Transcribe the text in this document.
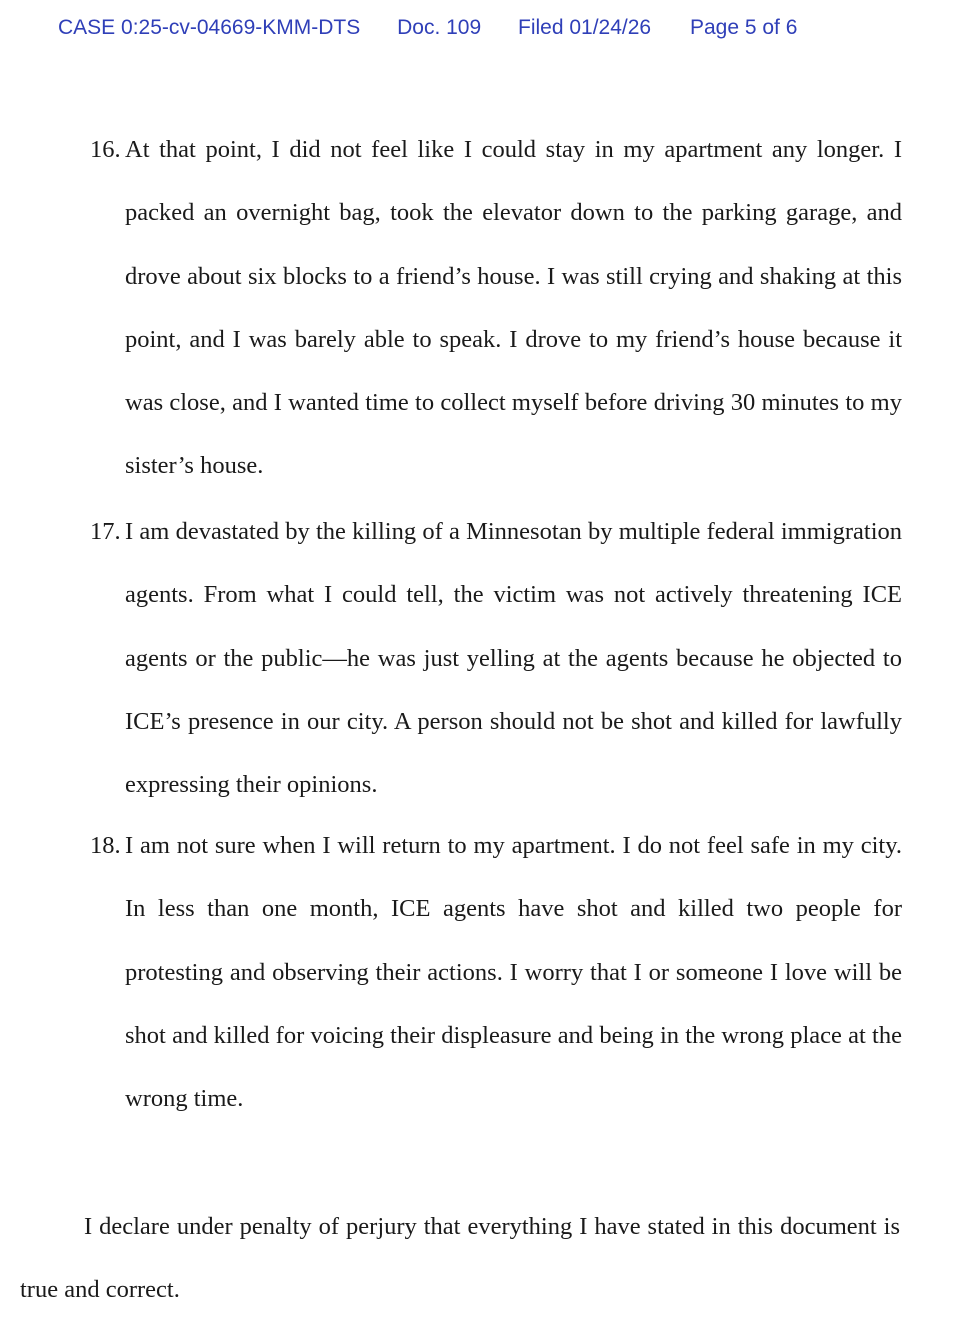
CASE 0:25-cv-04669-KMM-DTS Doc. 109 Filed 01/24/26 Page 5 of 6
16. At that point, I did not feel like I could stay in my apartment any longer. I packed an overnight bag, took the elevator down to the parking garage, and drove about six blocks to a friend’s house. I was still crying and shaking at this point, and I was barely able to speak. I drove to my friend’s house because it was close, and I wanted time to collect myself before driving 30 minutes to my sister’s house.
17. I am devastated by the killing of a Minnesotan by multiple federal immigration agents. From what I could tell, the victim was not actively threatening ICE agents or the public—he was just yelling at the agents because he objected to ICE’s presence in our city. A person should not be shot and killed for lawfully expressing their opinions.
18. I am not sure when I will return to my apartment. I do not feel safe in my city. In less than one month, ICE agents have shot and killed two people for protesting and observing their actions. I worry that I or someone I love will be shot and killed for voicing their displeasure and being in the wrong place at the wrong time.
I declare under penalty of perjury that everything I have stated in this document is true and correct.
